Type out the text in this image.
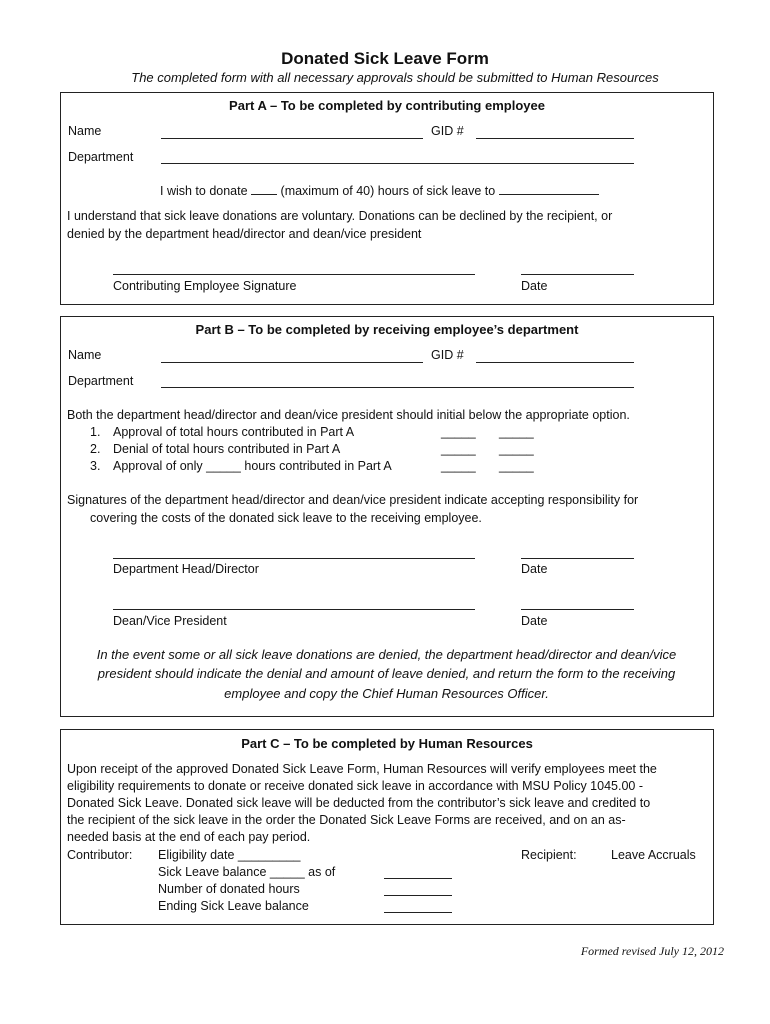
Donated Sick Leave Form
The completed form with all necessary approvals should be submitted to Human Resources
Part A – To be completed by contributing employee
Name	GID #
Department
I wish to donate	(maximum of 40) hours of sick leave to
I understand that sick leave donations are voluntary. Donations can be declined by the recipient, or
denied by the department head/director and dean/vice president
Contributing Employee Signature	Date
Part B – To be completed by receiving employee’s department
Name	GID #
Department
Both the department head/director and dean/vice president should initial below the appropriate option.
1. Approval of total hours contributed in Part A	_____ _____
2. Denial of total hours contributed in Part A	_____ _____
3. Approval of only _____ hours contributed in Part A	_____ _____
Signatures of the department head/director and dean/vice president indicate accepting responsibility for
covering the costs of the donated sick leave to the receiving employee.
Department Head/Director	Date
Dean/Vice President	Date
In the event some or all sick leave donations are denied, the department head/director and dean/vice
president should indicate the denial and amount of leave denied, and return the form to the receiving
employee and copy the Chief Human Resources Officer.
Part C – To be completed by Human Resources
Upon receipt of the approved Donated Sick Leave Form, Human Resources will verify employees meet the
eligibility requirements to donate or receive donated sick leave in accordance with MSU Policy 1045.00 -
Donated Sick Leave. Donated sick leave will be deducted from the contributor’s sick leave and credited to
the recipient of the sick leave in the order the Donated Sick Leave Forms are received, and on an as-
needed basis at the end of each pay period.
Contributor: Eligibility date _________	Recipient:	Leave Accruals
Sick Leave balance _____ as of
Number of donated hours
Ending Sick Leave balance
Formed revised July 12, 2012
